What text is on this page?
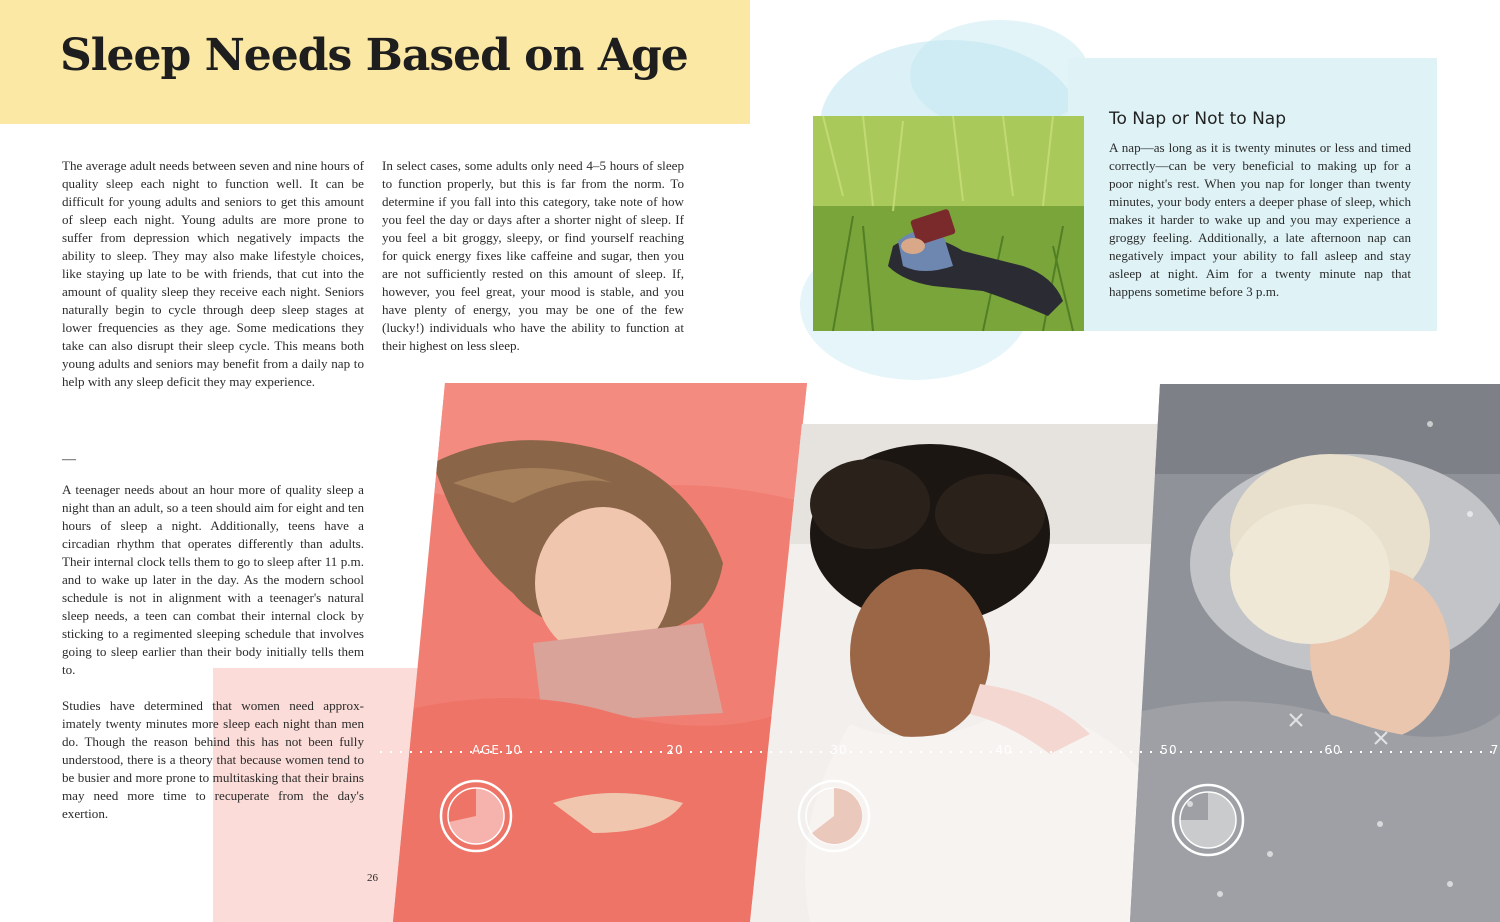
Sleep Needs Based on Age

The average adult needs between seven and nine hours of quality sleep each night to function well. It can be difficult for young adults and seniors to get this amount of sleep each night. Young adults are more prone to suffer from depression which negatively impacts the ability to sleep. They may also make lifestyle choices, like staying up late to be with friends, that cut into the amount of quality sleep they receive each night. Seniors naturally begin to cycle through deep sleep stages at lower frequencies as they age. Some medications they take can also disrupt their sleep cycle. This means both young adults and seniors may benefit from a daily nap to help with any sleep deficit they may experience.

—

A teenager needs about an hour more of quality sleep a night than an adult, so a teen should aim for eight and ten hours of sleep a night. Additionally, teens have a circadian rhythm that operates differently than adults. Their internal clock tells them to go to sleep after 11 p.m. and to wake up later in the day. As the modern school schedule is not in alignment with a teenager's natural sleep needs, a teen can combat their internal clock by sticking to a regimented sleeping schedule that involves going to sleep earlier than their body initially tells them to.

Studies have determined that women need approx-imately twenty minutes more sleep each night than men do. Though the reason behind this has not been fully understood, there is a theory that because women tend to be busier and more prone to multitasking that their brains may need more time to recuperate from the day's exertion.

In select cases, some adults only need 4–5 hours of sleep to function properly, but this is far from the norm. To determine if you fall into this category, take note of how you feel the day or days after a shorter night of sleep. If you feel a bit groggy, sleepy, or find yourself reaching for quick energy fixes like caffeine and sugar, then you are not sufficiently rested on this amount of sleep. If, however, you feel great, your mood is stable, and you have plenty of energy, you may be one of the few (lucky!) individuals who have the ability to function at their highest on less sleep.

To Nap or Not to Nap
A nap—as long as it is twenty minutes or less and timed correctly—can be very beneficial to making up for a poor night's rest. When you nap for longer than twenty minutes, your body enters a deeper phase of sleep, which makes it harder to wake up and you may experience a groggy feeling. Additionally, a late afternoon nap can negatively impact your ability to fall asleep and stay asleep at night. Aim for a twenty minute nap that happens sometime before 3 p.m.
AGE 10	20	30	40	50	60	7
26
